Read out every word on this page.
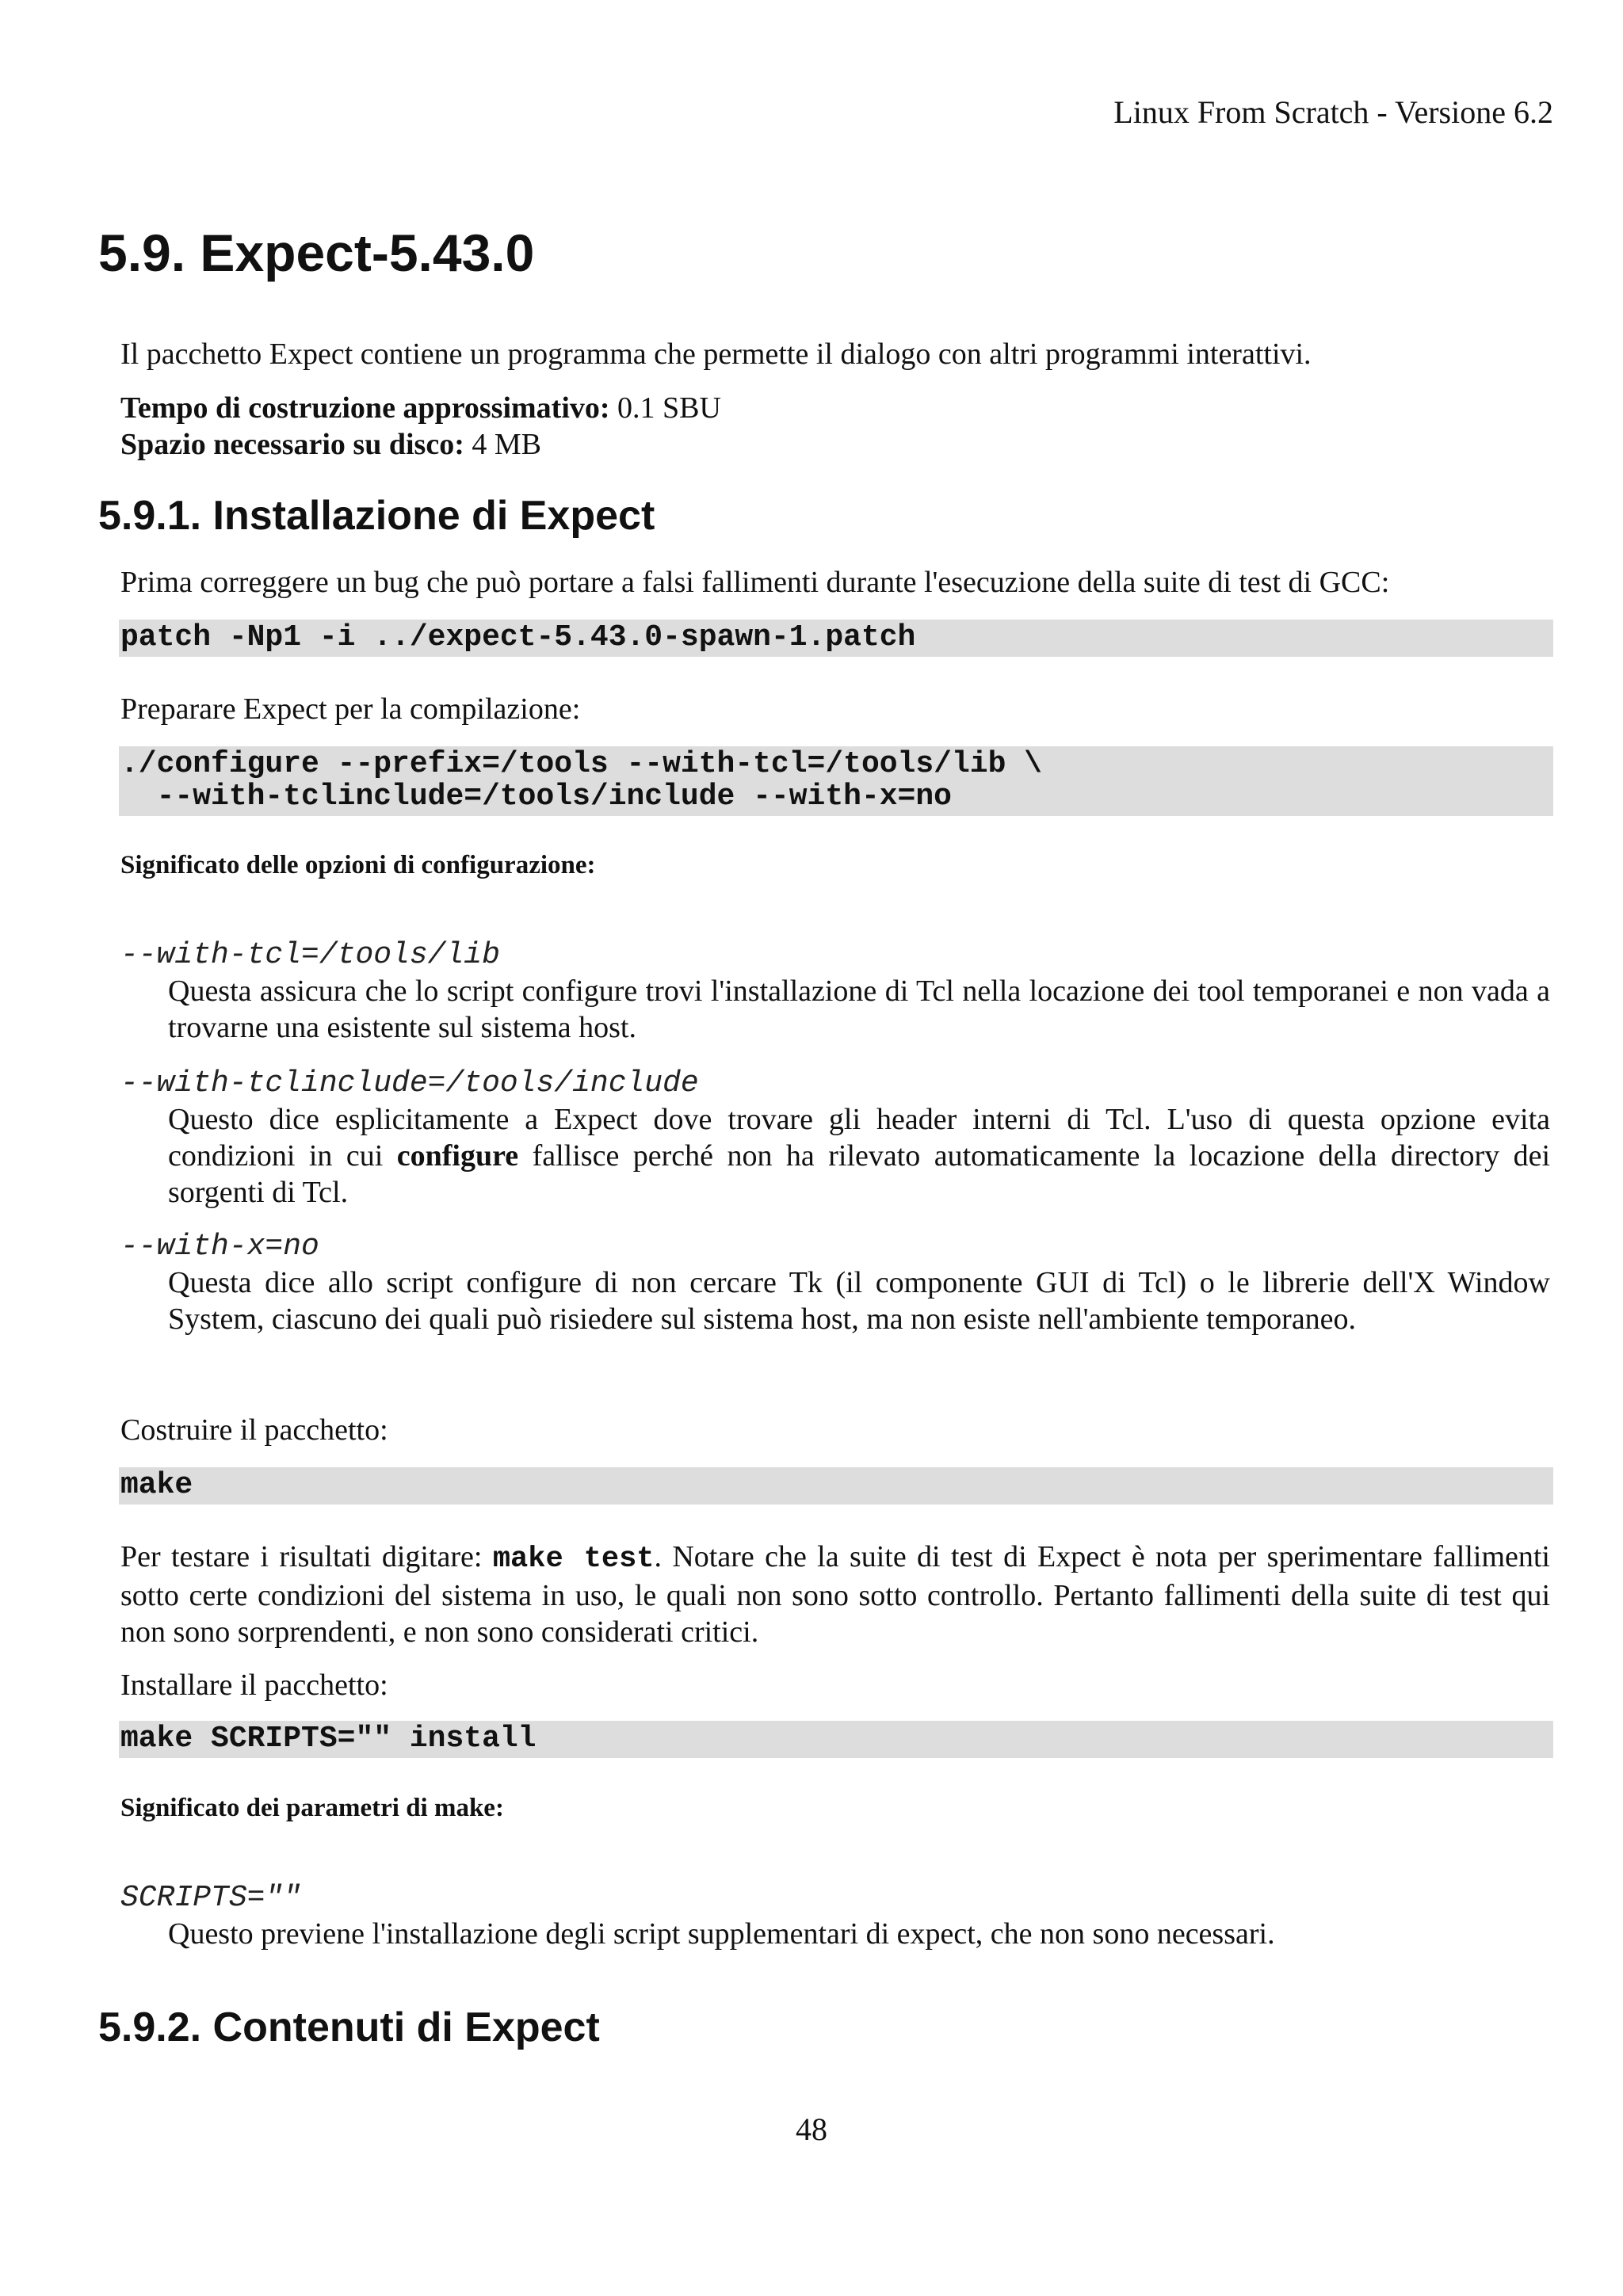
Linux From Scratch - Versione 6.2
5.9. Expect-5.43.0

Il pacchetto Expect contiene un programma che permette il dialogo con altri programmi interattivi.

Tempo di costruzione approssimativo: 0.1 SBU

Spazio necessario su disco: 4 MB

5.9.1. Installazione di Expect

Prima correggere un bug che può portare a falsi fallimenti durante l'esecuzione della suite di test di GCC:

patch -Np1 -i ../expect-5.43.0-spawn-1.patch

Preparare Expect per la compilazione:

./configure --prefix=/tools --with-tcl=/tools/lib \
--with-tclinclude=/tools/include --with-x=no

Significato delle opzioni di configurazione:

--with-tcl=/tools/lib

Questa assicura che lo script configure trovi l'installazione di Tcl nella locazione dei tool temporanei e non vada a trovarne una esistente sul sistema host.

--with-tclinclude=/tools/include

Questo dice esplicitamente a Expect dove trovare gli header interni di Tcl. L'uso di questa opzione evita condizioni in cui configure fallisce perché non ha rilevato automaticamente la locazione della directory dei sorgenti di Tcl.

--with-x=no

Questa dice allo script configure di non cercare Tk (il componente GUI di Tcl) o le librerie dell'X Window System, ciascuno dei quali può risiedere sul sistema host, ma non esiste nell'ambiente temporaneo.

Costruire il pacchetto:

make

Per testare i risultati digitare: make test. Notare che la suite di test di Expect è nota per sperimentare fallimenti sotto certe condizioni del sistema in uso, le quali non sono sotto controllo. Pertanto fallimenti della suite di test qui non sono sorprendenti, e non sono considerati critici.

Installare il pacchetto:

make SCRIPTS="" install

Significato dei parametri di make:

SCRIPTS=""

Questo previene l'installazione degli script supplementari di expect, che non sono necessari.

5.9.2. Contenuti di Expect
48
